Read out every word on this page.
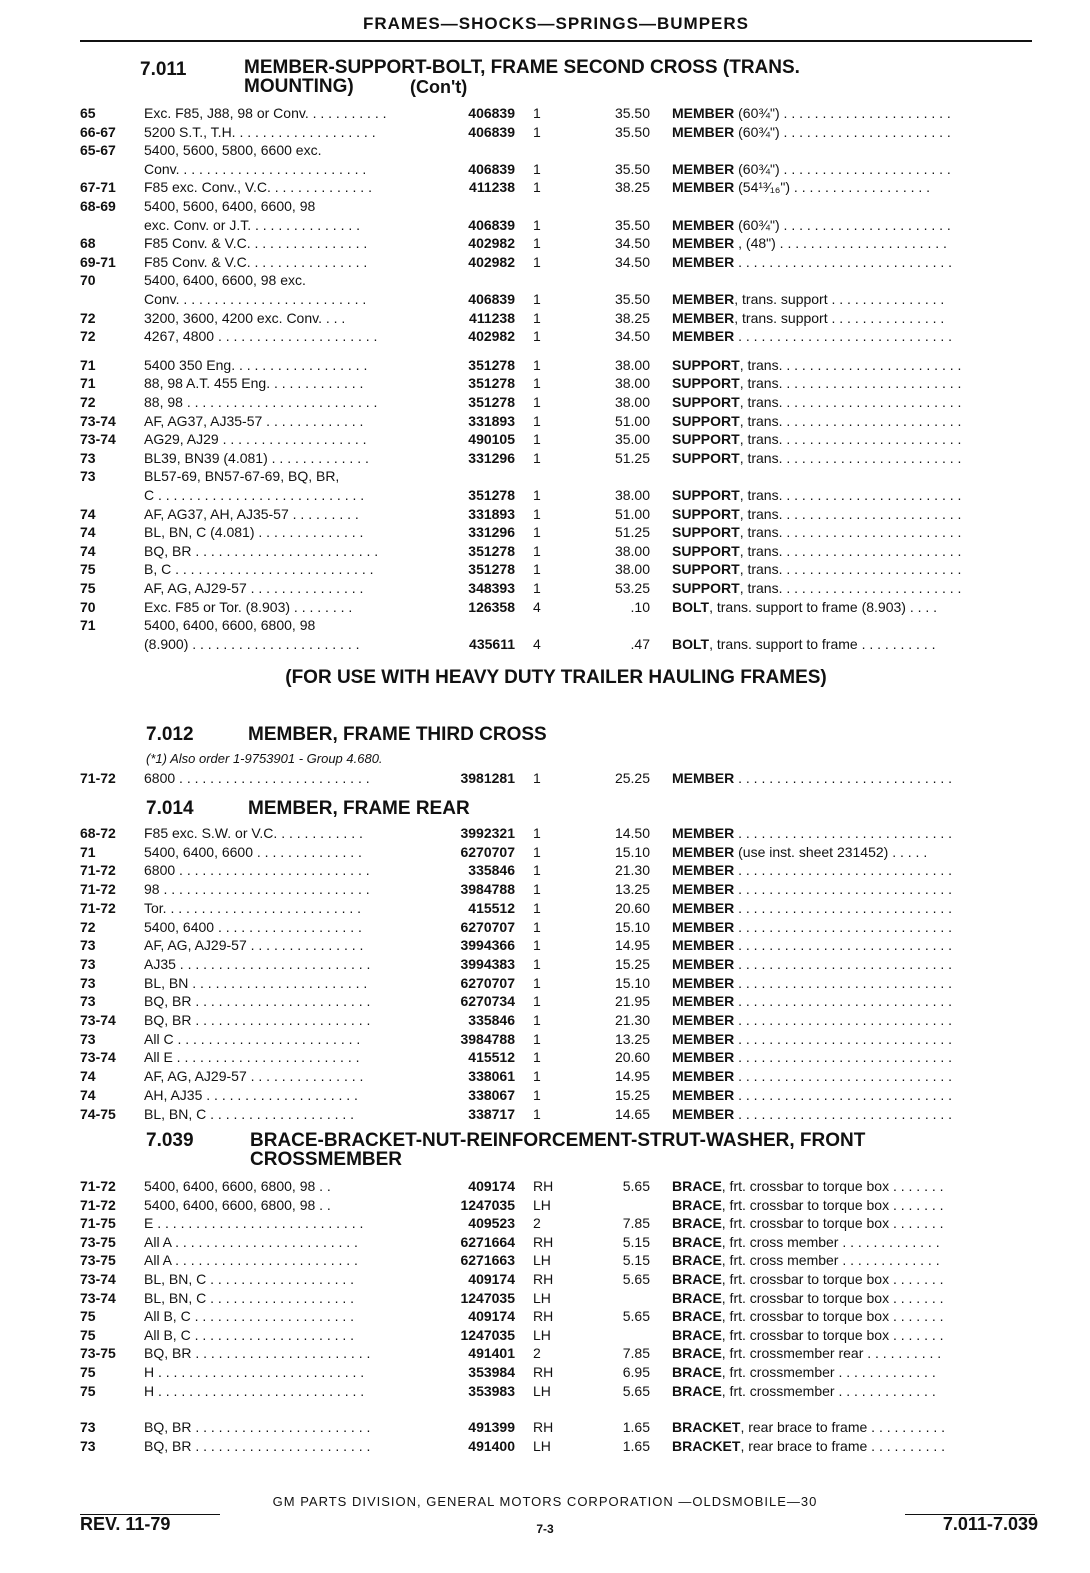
FRAMES—SHOCKS—SPRINGS—BUMPERS
7.011	MEMBER-SUPPORT-BOLT, FRAME SECOND CROSS (TRANS.
MOUNTING)	(Con't)
65	Exc. F85, J88, 98 or Conv. . . . . . . . . . .	406839 1	35.50 MEMBER (60¾") . . . . . . . . . . . . . . . . . . . . . .
66-67	5200 S.T., T.H. . . . . . . . . . . . . . . . . . .	406839 1	35.50 MEMBER (60¾") . . . . . . . . . . . . . . . . . . . . . .
65-67	5400, 5600, 5800, 6600 exc.
Conv. . . . . . . . . . . . . . . . . . . . . . . . .	406839 1	35.50 MEMBER (60¾") . . . . . . . . . . . . . . . . . . . . . .
67-71	F85 exc. Conv., V.C. . . . . . . . . . . . . .	411238 1	38.25 MEMBER (54¹³⁄₁₆") . . . . . . . . . . . . . . . . . .
68-69	5400, 5600, 6400, 6600, 98
exc. Conv. or J.T. . . . . . . . . . . . . . .	406839 1	35.50 MEMBER (60¾") . . . . . . . . . . . . . . . . . . . . . .
68	F85 Conv. & V.C. . . . . . . . . . . . . . . .	402982 1	34.50 MEMBER , (48") . . . . . . . . . . . . . . . . . . . . . .
69-71	F85 Conv. & V.C. . . . . . . . . . . . . . . .	402982 1	34.50 MEMBER . . . . . . . . . . . . . . . . . . . . . . . . . . . .
70	5400, 6400, 6600, 98 exc.
Conv. . . . . . . . . . . . . . . . . . . . . . . . .	406839 1	35.50 MEMBER, trans. support . . . . . . . . . . . . . . .
72	3200, 3600, 4200 exc. Conv. . . .	411238 1	38.25 MEMBER, trans. support . . . . . . . . . . . . . . .
72	4267, 4800 . . . . . . . . . . . . . . . . . . . . .	402982 1	34.50 MEMBER . . . . . . . . . . . . . . . . . . . . . . . . . . . .
71	5400 350 Eng. . . . . . . . . . . . . . . . . .	351278 1	38.00 SUPPORT, trans. . . . . . . . . . . . . . . . . . . . . . . .
71	88, 98 A.T. 455 Eng. . . . . . . . . . . . .	351278 1	38.00 SUPPORT, trans. . . . . . . . . . . . . . . . . . . . . . . .
72	88, 98 . . . . . . . . . . . . . . . . . . . . . . . . .	351278 1	38.00 SUPPORT, trans. . . . . . . . . . . . . . . . . . . . . . . .
73-74	AF, AG37, AJ35-57 . . . . . . . . . . . . .	331893 1	51.00 SUPPORT, trans. . . . . . . . . . . . . . . . . . . . . . . .
73-74	AG29, AJ29 . . . . . . . . . . . . . . . . . . .	490105 1	35.00 SUPPORT, trans. . . . . . . . . . . . . . . . . . . . . . . .
73	BL39, BN39 (4.081) . . . . . . . . . . . . .	331296 1	51.25 SUPPORT, trans. . . . . . . . . . . . . . . . . . . . . . . .
73	BL57-69, BN57-67-69, BQ, BR,
C . . . . . . . . . . . . . . . . . . . . . . . . . . .	351278 1	38.00 SUPPORT, trans. . . . . . . . . . . . . . . . . . . . . . . .
74	AF, AG37, AH, AJ35-57 . . . . . . . . .	331893 1	51.00 SUPPORT, trans. . . . . . . . . . . . . . . . . . . . . . . .
74	BL, BN, C (4.081) . . . . . . . . . . . . . .	331296 1	51.25 SUPPORT, trans. . . . . . . . . . . . . . . . . . . . . . . .
74	BQ, BR . . . . . . . . . . . . . . . . . . . . . . . .	351278 1	38.00 SUPPORT, trans. . . . . . . . . . . . . . . . . . . . . . . .
75	B, C . . . . . . . . . . . . . . . . . . . . . . . . . .	351278 1	38.00 SUPPORT, trans. . . . . . . . . . . . . . . . . . . . . . . .
75	AF, AG, AJ29-57 . . . . . . . . . . . . . . .	348393 1	53.25 SUPPORT, trans. . . . . . . . . . . . . . . . . . . . . . . .
70	Exc. F85 or Tor. (8.903) . . . . . . . .	126358 4	.10 BOLT, trans. support to frame (8.903) . . . .
71	5400, 6400, 6600, 6800, 98
(8.900) . . . . . . . . . . . . . . . . . . . . . .	435611 4	.47 BOLT, trans. support to frame . . . . . . . . . .
(FOR USE WITH HEAVY DUTY TRAILER HAULING FRAMES)
7.012	MEMBER, FRAME THIRD CROSS
(*1) Also order 1-9753901 - Group 4.680.
71-72	6800 . . . . . . . . . . . . . . . . . . . . . . . . .	3981281 1	25.25 MEMBER . . . . . . . . . . . . . . . . . . . . . . . . . . . .
7.014	MEMBER, FRAME REAR
68-72	F85 exc. S.W. or V.C. . . . . . . . . . . .	3992321 1	14.50 MEMBER . . . . . . . . . . . . . . . . . . . . . . . . . . . .
71	5400, 6400, 6600 . . . . . . . . . . . . . .	6270707 1	15.10 MEMBER (use inst. sheet 231452) . . . . .
71-72	6800 . . . . . . . . . . . . . . . . . . . . . . . . .	335846 1	21.30 MEMBER . . . . . . . . . . . . . . . . . . . . . . . . . . . .
71-72	98 . . . . . . . . . . . . . . . . . . . . . . . . . . .	3984788 1	13.25 MEMBER . . . . . . . . . . . . . . . . . . . . . . . . . . . .
71-72	Tor. . . . . . . . . . . . . . . . . . . . . . . . . .	415512 1	20.60 MEMBER . . . . . . . . . . . . . . . . . . . . . . . . . . . .
72	5400, 6400 . . . . . . . . . . . . . . . . . . .	6270707 1	15.10 MEMBER . . . . . . . . . . . . . . . . . . . . . . . . . . . .
73	AF, AG, AJ29-57 . . . . . . . . . . . . . . .	3994366 1	14.95 MEMBER . . . . . . . . . . . . . . . . . . . . . . . . . . . .
73	AJ35 . . . . . . . . . . . . . . . . . . . . . . . . .	3994383 1	15.25 MEMBER . . . . . . . . . . . . . . . . . . . . . . . . . . . .
73	BL, BN . . . . . . . . . . . . . . . . . . . . . . .	6270707 1	15.10 MEMBER . . . . . . . . . . . . . . . . . . . . . . . . . . . .
73	BQ, BR . . . . . . . . . . . . . . . . . . . . . . .	6270734 1	21.95 MEMBER . . . . . . . . . . . . . . . . . . . . . . . . . . . .
73-74	BQ, BR . . . . . . . . . . . . . . . . . . . . . . .	335846 1	21.30 MEMBER . . . . . . . . . . . . . . . . . . . . . . . . . . . .
73	All C . . . . . . . . . . . . . . . . . . . . . . . .	3984788 1	13.25 MEMBER . . . . . . . . . . . . . . . . . . . . . . . . . . . .
73-74	All E . . . . . . . . . . . . . . . . . . . . . . . .	415512 1	20.60 MEMBER . . . . . . . . . . . . . . . . . . . . . . . . . . . .
74	AF, AG, AJ29-57 . . . . . . . . . . . . . . .	338061 1	14.95 MEMBER . . . . . . . . . . . . . . . . . . . . . . . . . . . .
74	AH, AJ35 . . . . . . . . . . . . . . . . . . . .	338067 1	15.25 MEMBER . . . . . . . . . . . . . . . . . . . . . . . . . . . .
74-75	BL, BN, C . . . . . . . . . . . . . . . . . . .	338717 1	14.65 MEMBER . . . . . . . . . . . . . . . . . . . . . . . . . . . .
7.039	BRACE-BRACKET-NUT-REINFORCEMENT-STRUT-WASHER, FRONT
CROSSMEMBER
71-72	5400, 6400, 6600, 6800, 98 . .	409174 RH	5.65 BRACE, frt. crossbar to torque box . . . . . . .
71-72	5400, 6400, 6600, 6800, 98 . .	1247035 LH	BRACE, frt. crossbar to torque box . . . . . . .
71-75	E . . . . . . . . . . . . . . . . . . . . . . . . . . .	409523 2	7.85 BRACE, frt. crossbar to torque box . . . . . . .
73-75	All A . . . . . . . . . . . . . . . . . . . . . . . .	6271664 RH	5.15 BRACE, frt. cross member . . . . . . . . . . . . .
73-75	All A . . . . . . . . . . . . . . . . . . . . . . . .	6271663 LH	5.15 BRACE, frt. cross member . . . . . . . . . . . . .
73-74	BL, BN, C . . . . . . . . . . . . . . . . . . .	409174 RH	5.65 BRACE, frt. crossbar to torque box . . . . . . .
73-74	BL, BN, C . . . . . . . . . . . . . . . . . . .	1247035 LH	BRACE, frt. crossbar to torque box . . . . . . .
75	All B, C . . . . . . . . . . . . . . . . . . . . .	409174 RH	5.65 BRACE, frt. crossbar to torque box . . . . . . .
75	All B, C . . . . . . . . . . . . . . . . . . . . .	1247035 LH	BRACE, frt. crossbar to torque box . . . . . . .
73-75	BQ, BR . . . . . . . . . . . . . . . . . . . . . . .	491401 2	7.85 BRACE, frt. crossmember rear . . . . . . . . . .
75	H . . . . . . . . . . . . . . . . . . . . . . . . . . .	353984 RH	6.95 BRACE, frt. crossmember . . . . . . . . . . . . .
75	H . . . . . . . . . . . . . . . . . . . . . . . . . . .	353983 LH	5.65 BRACE, frt. crossmember . . . . . . . . . . . . .
73	BQ, BR . . . . . . . . . . . . . . . . . . . . . . .	491399 RH	1.65 BRACKET, rear brace to frame . . . . . . . . . .
73	BQ, BR . . . . . . . . . . . . . . . . . . . . . . .	491400 LH	1.65 BRACKET, rear brace to frame . . . . . . . . . .
GM PARTS DIVISION, GENERAL MOTORS CORPORATION —OLDSMOBILE—30
REV. 11-79	7-3	7.011-7.039
